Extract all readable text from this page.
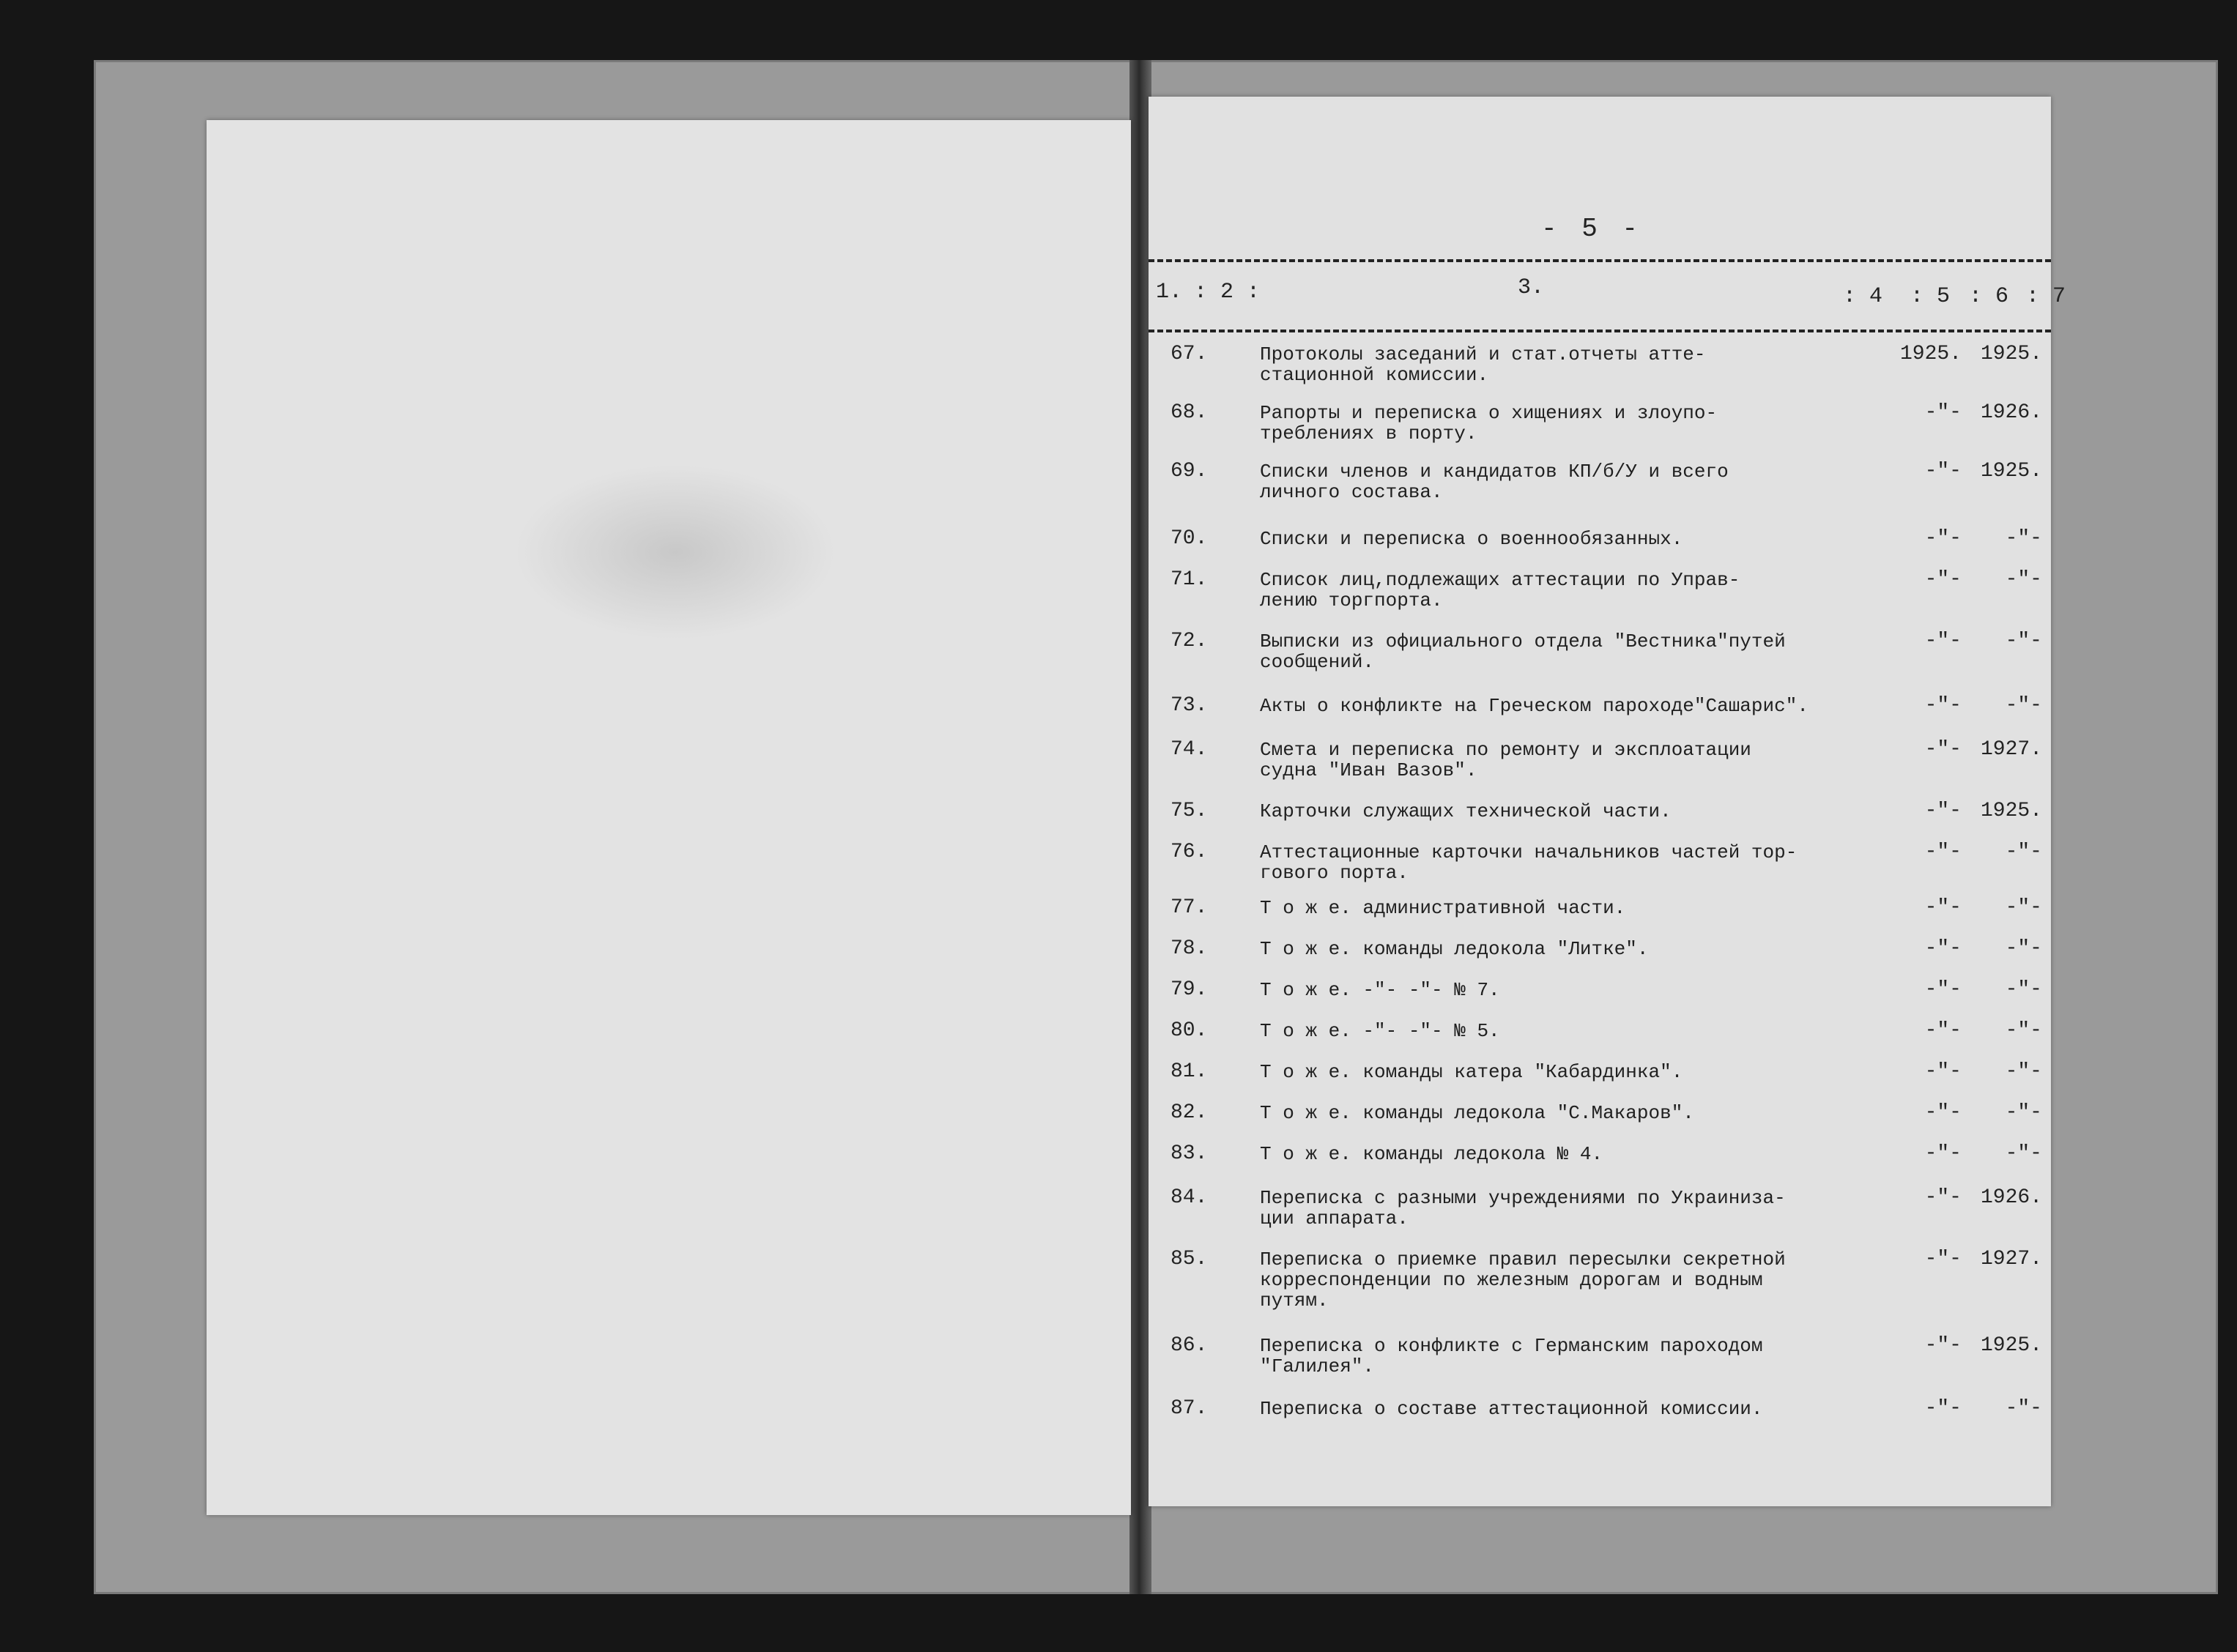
- 5 -
1. : 2 :	3.	: 4 : 5 : 6 : 7
67.	Протоколы заседаний и стат.отчеты атте-
стационной комиссии.
1925. 1925.
68.	Рапорты и переписка о хищениях и злоупо-
треблениях в порту.
-"- 1926.
69.	Списки членов и кандидатов КП/б/У и всего
личного состава.
-"- 1925.
70.	Списки и переписка о военнообязанных.	-"-	-"-
71.	Список лиц,подлежащих аттестации по Управ-
лению торгпорта.
-"-	-"-
72.	Выписки из официального отдела "Вестника"путей
сообщений.
-"-	-"-
73.	Акты о конфликте на Греческом пароходе"Сашарис".	-"-	-"-
74.	Смета и переписка по ремонту и эксплоатации
судна "Иван Вазов".
-"- 1927.
75.	Карточки служащих технической части.	-"- 1925.
76.	Аттестационные карточки начальников частей тор-
гового порта.
-"-	-"-
77.	Т о ж е. административной части.	-"-	-"-
78.	Т о ж е. команды ледокола "Литке".	-"-	-"-
79.	Т о ж е. -"- -"- № 7.	-"-	-"-
80.	Т о ж е. -"- -"- № 5.	-"-	-"-
81.	Т о ж е. команды катера "Кабардинка".	-"-	-"-
82.	Т о ж е. команды ледокола "С.Макаров".	-"-	-"-
83.	Т о ж е. команды ледокола № 4.	-"-	-"-
84.	Переписка с разными учреждениями по Украиниза-
ции аппарата.
-"- 1926.
85.	Переписка о приемке правил пересылки секретной
корреспонденции по железным дорогам и водным
путям.
-"- 1927.
86.	Переписка о конфликте с Германским пароходом
"Галилея".
-"- 1925.
87.	Переписка о составе аттестационной комиссии.	-"-	-"-
